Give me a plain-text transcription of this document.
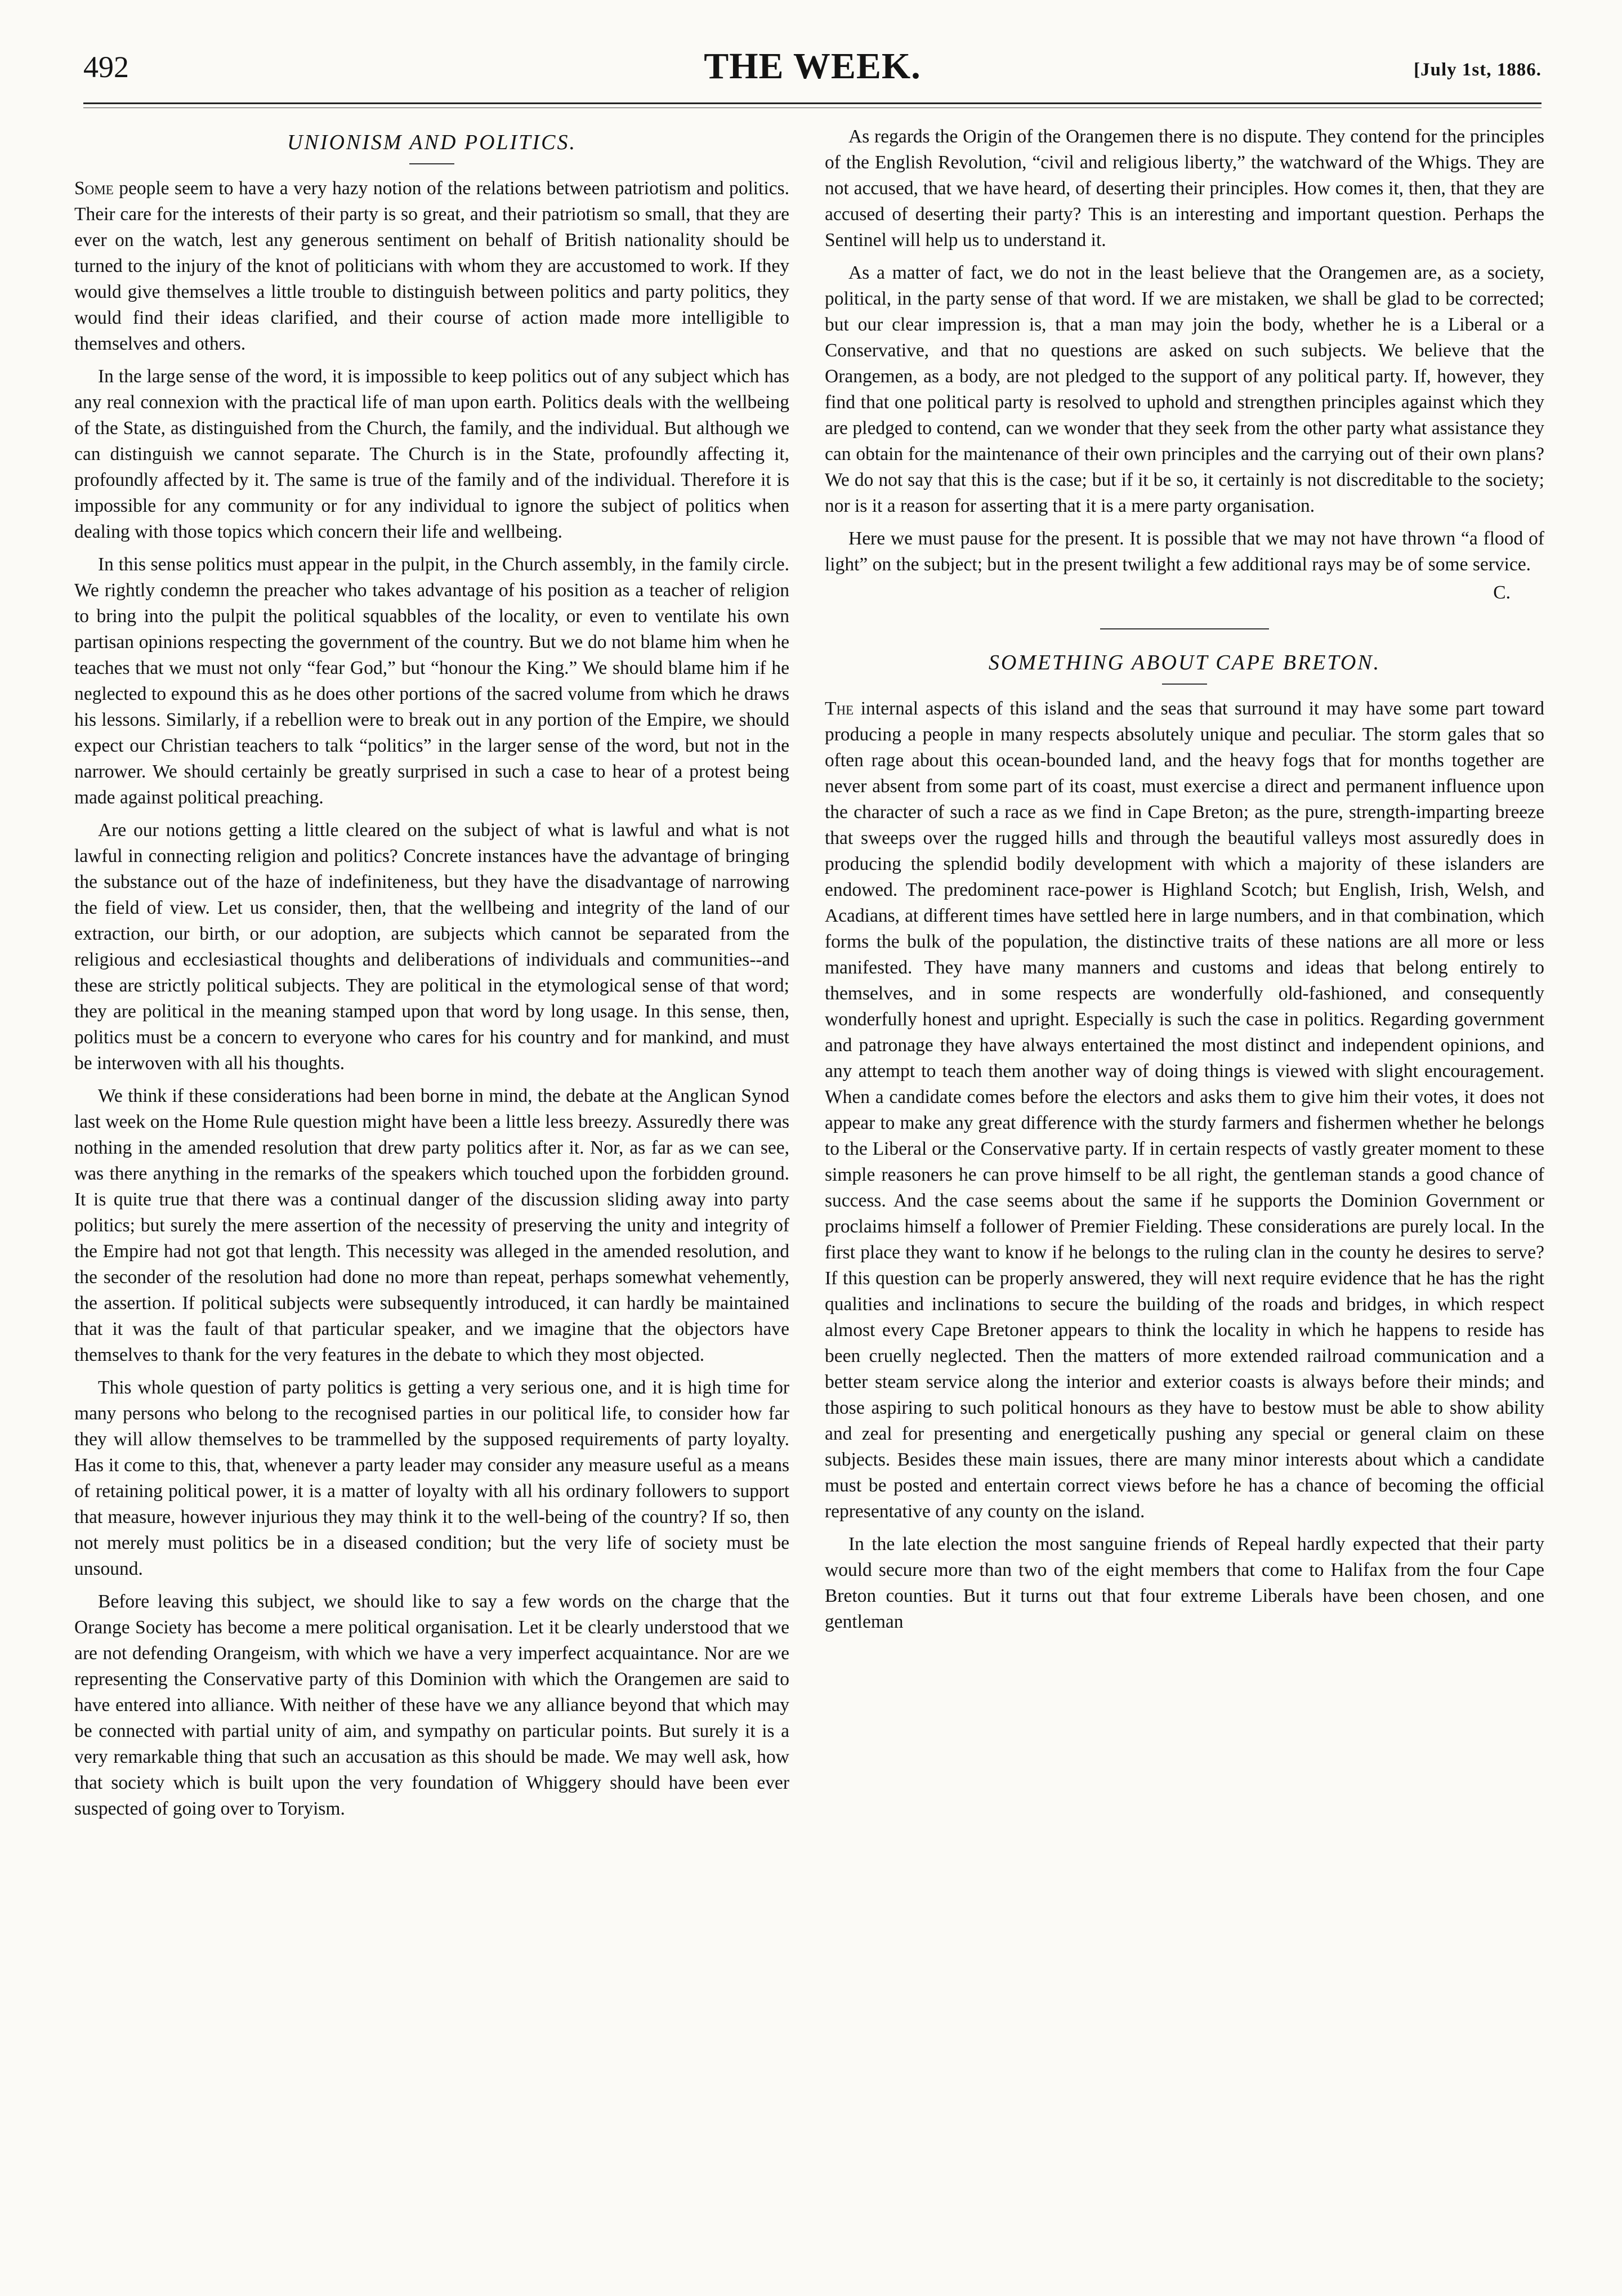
492	THE WEEK.	[July 1st, 1886.
UNIONISM AND POLITICS.

Some people seem to have a very hazy notion of the relations between patriotism and politics. Their care for the interests of their party is so great, and their patriotism so small, that they are ever on the watch, lest any generous sentiment on behalf of British nationality should be turned to the injury of the knot of politicians with whom they are accustomed to work. If they would give themselves a little trouble to distinguish between politics and party politics, they would find their ideas clarified, and their course of action made more intelligible to themselves and others.

In the large sense of the word, it is impossible to keep politics out of any subject which has any real connexion with the practical life of man upon earth. Politics deals with the wellbeing of the State, as distinguished from the Church, the family, and the individual. But although we can distinguish we cannot separate. The Church is in the State, profoundly affecting it, profoundly affected by it. The same is true of the family and of the individual. Therefore it is impossible for any community or for any individual to ignore the subject of politics when dealing with those topics which concern their life and wellbeing.

In this sense politics must appear in the pulpit, in the Church assembly, in the family circle. We rightly condemn the preacher who takes advantage of his position as a teacher of religion to bring into the pulpit the political squabbles of the locality, or even to ventilate his own partisan opinions respecting the government of the country. But we do not blame him when he teaches that we must not only “fear God,” but “honour the King.” We should blame him if he neglected to expound this as he does other portions of the sacred volume from which he draws his lessons. Similarly, if a rebellion were to break out in any portion of the Empire, we should expect our Christian teachers to talk “politics” in the larger sense of the word, but not in the narrower. We should certainly be greatly surprised in such a case to hear of a protest being made against political preaching.

Are our notions getting a little cleared on the subject of what is lawful and what is not lawful in connecting religion and politics? Concrete instances have the advantage of bringing the substance out of the haze of indefiniteness, but they have the disadvantage of narrowing the field of view. Let us consider, then, that the wellbeing and integrity of the land of our extraction, our birth, or our adoption, are subjects which cannot be separated from the religious and ecclesiastical thoughts and deliberations of individuals and communities--and these are strictly political subjects. They are political in the etymological sense of that word; they are political in the meaning stamped upon that word by long usage. In this sense, then, politics must be a concern to everyone who cares for his country and for mankind, and must be interwoven with all his thoughts.

We think if these considerations had been borne in mind, the debate at the Anglican Synod last week on the Home Rule question might have been a little less breezy. Assuredly there was nothing in the amended resolution that drew party politics after it. Nor, as far as we can see, was there anything in the remarks of the speakers which touched upon the forbidden ground. It is quite true that there was a continual danger of the discussion sliding away into party politics; but surely the mere assertion of the necessity of preserving the unity and integrity of the Empire had not got that length. This necessity was alleged in the amended resolution, and the seconder of the resolution had done no more than repeat, perhaps somewhat vehemently, the assertion. If political subjects were subsequently introduced, it can hardly be maintained that it was the fault of that particular speaker, and we imagine that the objectors have themselves to thank for the very features in the debate to which they most objected.

This whole question of party politics is getting a very serious one, and it is high time for many persons who belong to the recognised parties in our political life, to consider how far they will allow themselves to be trammelled by the supposed requirements of party loyalty. Has it come to this, that, whenever a party leader may consider any measure useful as a means of retaining political power, it is a matter of loyalty with all his ordinary followers to support that measure, however injurious they may think it to the well-being of the country? If so, then not merely must politics be in a diseased condition; but the very life of society must be unsound.

Before leaving this subject, we should like to say a few words on the charge that the Orange Society has become a mere political organisation. Let it be clearly understood that we are not defending Orangeism, with which we have a very imperfect acquaintance. Nor are we representing the Conservative party of this Dominion with which the Orangemen are said to have entered into alliance. With neither of these have we any alliance beyond that which may be connected with partial unity of aim, and sympathy on particular points. But surely it is a very remarkable thing that such an accusation as this should be made. We may well ask, how that society which is built upon the very foundation of Whiggery should have been ever suspected of going over to Toryism.

As regards the Origin of the Orangemen there is no dispute. They contend for the principles of the English Revolution, “civil and religious liberty,” the watchward of the Whigs. They are not accused, that we have heard, of deserting their principles. How comes it, then, that they are accused of deserting their party? This is an interesting and important question. Perhaps the Sentinel will help us to understand it.

As a matter of fact, we do not in the least believe that the Orangemen are, as a society, political, in the party sense of that word. If we are mistaken, we shall be glad to be corrected; but our clear impression is, that a man may join the body, whether he is a Liberal or a Conservative, and that no questions are asked on such subjects. We believe that the Orangemen, as a body, are not pledged to the support of any political party. If, however, they find that one political party is resolved to uphold and strengthen principles against which they are pledged to contend, can we wonder that they seek from the other party what assistance they can obtain for the maintenance of their own principles and the carrying out of their own plans? We do not say that this is the case; but if it be so, it certainly is not discreditable to the society; nor is it a reason for asserting that it is a mere party organisation.

Here we must pause for the present. It is possible that we may not have thrown “a flood of light” on the subject; but in the present twilight a few additional rays may be of some service.

C.
SOMETHING ABOUT CAPE BRETON.

The internal aspects of this island and the seas that surround it may have some part toward producing a people in many respects absolutely unique and peculiar. The storm gales that so often rage about this ocean-bounded land, and the heavy fogs that for months together are never absent from some part of its coast, must exercise a direct and permanent influence upon the character of such a race as we find in Cape Breton; as the pure, strength-imparting breeze that sweeps over the rugged hills and through the beautiful valleys most assuredly does in producing the splendid bodily development with which a majority of these islanders are endowed. The predominent race-power is Highland Scotch; but English, Irish, Welsh, and Acadians, at different times have settled here in large numbers, and in that combination, which forms the bulk of the population, the distinctive traits of these nations are all more or less manifested. They have many manners and customs and ideas that belong entirely to themselves, and in some respects are wonderfully old-fashioned, and consequently wonderfully honest and upright. Especially is such the case in politics. Regarding government and patronage they have always entertained the most distinct and independent opinions, and any attempt to teach them another way of doing things is viewed with slight encouragement. When a candidate comes before the electors and asks them to give him their votes, it does not appear to make any great difference with the sturdy farmers and fishermen whether he belongs to the Liberal or the Conservative party. If in certain respects of vastly greater moment to these simple reasoners he can prove himself to be all right, the gentleman stands a good chance of success. And the case seems about the same if he supports the Dominion Government or proclaims himself a follower of Premier Fielding. These considerations are purely local. In the first place they want to know if he belongs to the ruling clan in the county he desires to serve? If this question can be properly answered, they will next require evidence that he has the right qualities and inclinations to secure the building of the roads and bridges, in which respect almost every Cape Bretoner appears to think the locality in which he happens to reside has been cruelly neglected. Then the matters of more extended railroad communication and a better steam service along the interior and exterior coasts is always before their minds; and those aspiring to such political honours as they have to bestow must be able to show ability and zeal for presenting and energetically pushing any special or general claim on these subjects. Besides these main issues, there are many minor interests about which a candidate must be posted and entertain correct views before he has a chance of becoming the official representative of any county on the island.

In the late election the most sanguine friends of Repeal hardly expected that their party would secure more than two of the eight members that come to Halifax from the four Cape Breton counties. But it turns out that four extreme Liberals have been chosen, and one gentleman
